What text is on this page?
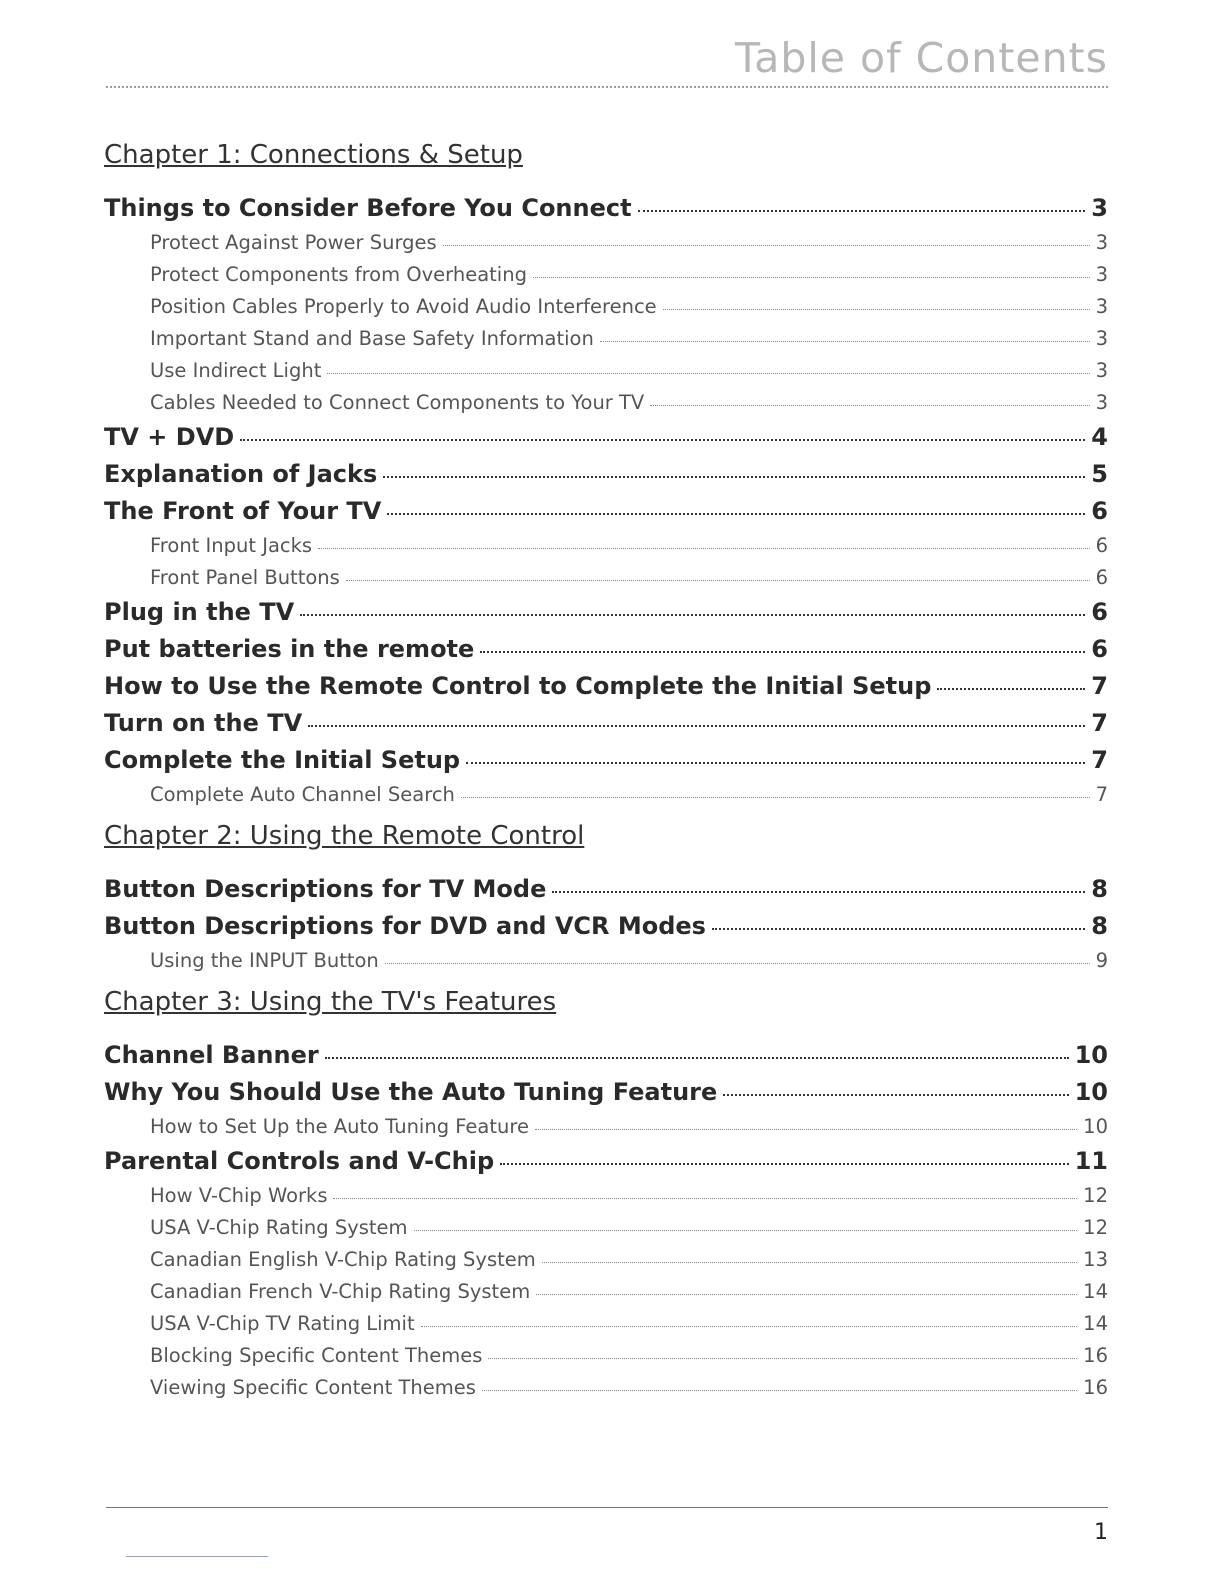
Table of Contents
Chapter 1: Connections & Setup
Things to Consider Before You Connect	3
Protect Against Power Surges	3
Protect Components from Overheating	3
Position Cables Properly to Avoid Audio Interference	3
Important Stand and Base Safety Information	3
Use Indirect Light	3
Cables Needed to Connect Components to Your TV	3
TV + DVD	4
Explanation of Jacks	5
The Front of Your TV	6
Front Input Jacks	6
Front Panel Buttons	6
Plug in the TV	6
Put batteries in the remote	6
How to Use the Remote Control to Complete the Initial Setup	7
Turn on the TV	7
Complete the Initial Setup	7
Complete Auto Channel Search	7
Chapter 2: Using the Remote Control
Button Descriptions for TV Mode	8
Button Descriptions for DVD and VCR Modes	8
Using the INPUT Button	9
Chapter 3: Using the TV's Features
Channel Banner	10
Why You Should Use the Auto Tuning Feature	10
How to Set Up the Auto Tuning Feature	10
Parental Controls and V-Chip	11
How V-Chip Works	12
USA V-Chip Rating System	12
Canadian English V-Chip Rating System	13
Canadian French V-Chip Rating System	14
USA V-Chip TV Rating Limit	14
Blocking Specific Content Themes	16
Viewing Specific Content Themes	16

1
